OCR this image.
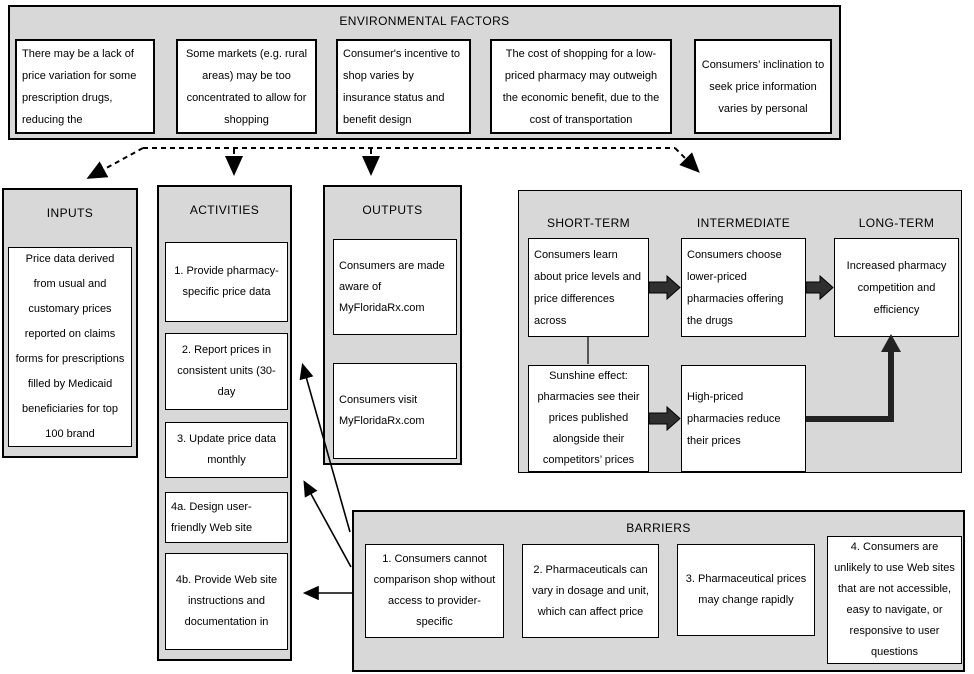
ENVIRONMENTAL FACTORS
There may be a lack of price variation for some prescription drugs, reducing the
Some markets (e.g. rural areas) may be too concentrated to allow for shopping
Consumer's incentive to shop varies by insurance status and benefit design
The cost of shopping for a low-priced pharmacy may outweigh the economic benefit, due to the cost of transportation
Consumers’ inclination to seek price information varies by personal
INPUTS
Price data derived from usual and customary prices reported on claims forms for prescriptions filled by Medicaid beneficiaries for top 100 brand
ACTIVITIES
1. Provide pharmacy-specific price data
2. Report prices in consistent units (30-day
3. Update price data monthly
4a. Design user-friendly Web site
4b. Provide Web site instructions and documentation in
OUTPUTS
Consumers are made aware of MyFloridaRx.com
Consumers visit MyFloridaRx.com
SHORT-TERM	INTERMEDIATE	LONG-TERM
Consumers learn about price levels and price differences across
Sunshine effect: pharmacies see their prices published alongside their competitors’ prices
Consumers choose lower-priced pharmacies offering the drugs
High-priced pharmacies reduce their prices
Increased pharmacy competition and efficiency
BARRIERS
1. Consumers cannot comparison shop without access to provider-specific
2. Pharmaceuticals can vary in dosage and unit, which can affect price
3. Pharmaceutical prices may change rapidly
4. Consumers are unlikely to use Web sites that are not accessible, easy to navigate, or responsive to user questions
